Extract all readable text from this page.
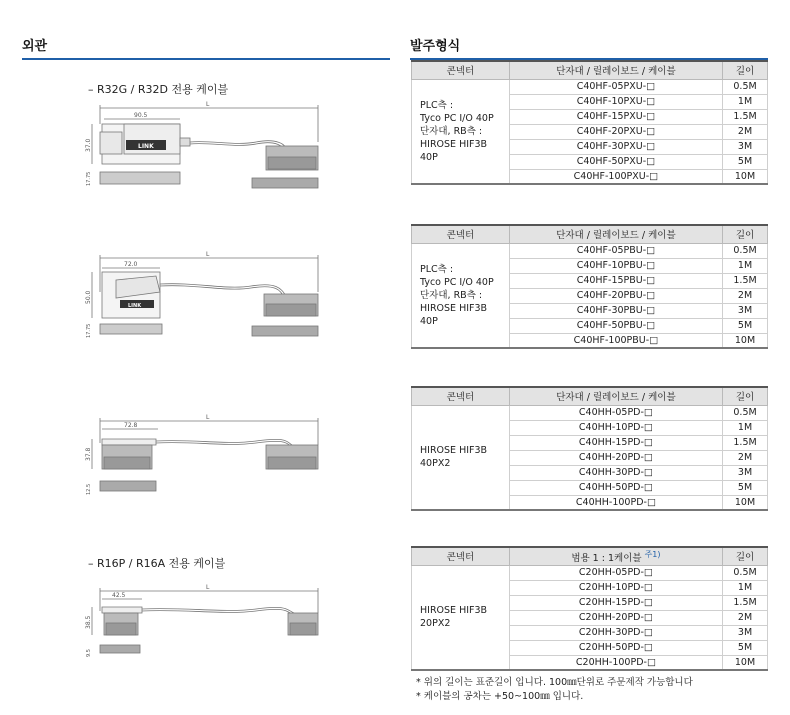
외관
– R32G / R32D 전용 케이블
– R16P / R16A 전용 케이블
L
90.5
37.0
17.75
LINK
L
72.0
50.0
17.75
LINK
L
72.8
37.8
12.5
L
42.5
38.5
9.5
발주형식
콘넥터	단자대 / 릴레이보드 / 케이블	길이

PLC측 :
Tyco PC I/O 40P
단자대, RB측 :
HIROSE HIF3B 40P	C40HF-05PXU-□	0.5M
	C40HF-10PXU-□	1M
	C40HF-15PXU-□	1.5M
	C40HF-20PXU-□	2M
	C40HF-30PXU-□	3M
	C40HF-50PXU-□	5M
	C40HF-100PXU-□	10M
콘넥터	단자대 / 릴레이보드 / 케이블	길이

PLC측 :
Tyco PC I/O 40P
단자대, RB측 :
HIROSE HIF3B 40P	C40HF-05PBU-□	0.5M
	C40HF-10PBU-□	1M
	C40HF-15PBU-□	1.5M
	C40HF-20PBU-□	2M
	C40HF-30PBU-□	3M
	C40HF-50PBU-□	5M
	C40HF-100PBU-□	10M
콘넥터	단자대 / 릴레이보드 / 케이블	길이

HIROSE HIF3B
40PX2	C40HH-05PD-□	0.5M
	C40HH-10PD-□	1M
	C40HH-15PD-□	1.5M
	C40HH-20PD-□	2M
	C40HH-30PD-□	3M
	C40HH-50PD-□	5M
	C40HH-100PD-□	10M
콘넥터	범용 1 : 1케이블 $^{주1)}$	길이

HIROSE HIF3B
20PX2	C20HH-05PD-□	0.5M
	C20HH-10PD-□	1M
	C20HH-15PD-□	1.5M
	C20HH-20PD-□	2M
	C20HH-30PD-□	3M
	C20HH-50PD-□	5M
	C20HH-100PD-□	10M
* 위의 길이는 표준길이 입니다. 100㎜단위로 주문제작 가능합니다
* 케이블의 공차는 +50~100㎜ 입니다.
